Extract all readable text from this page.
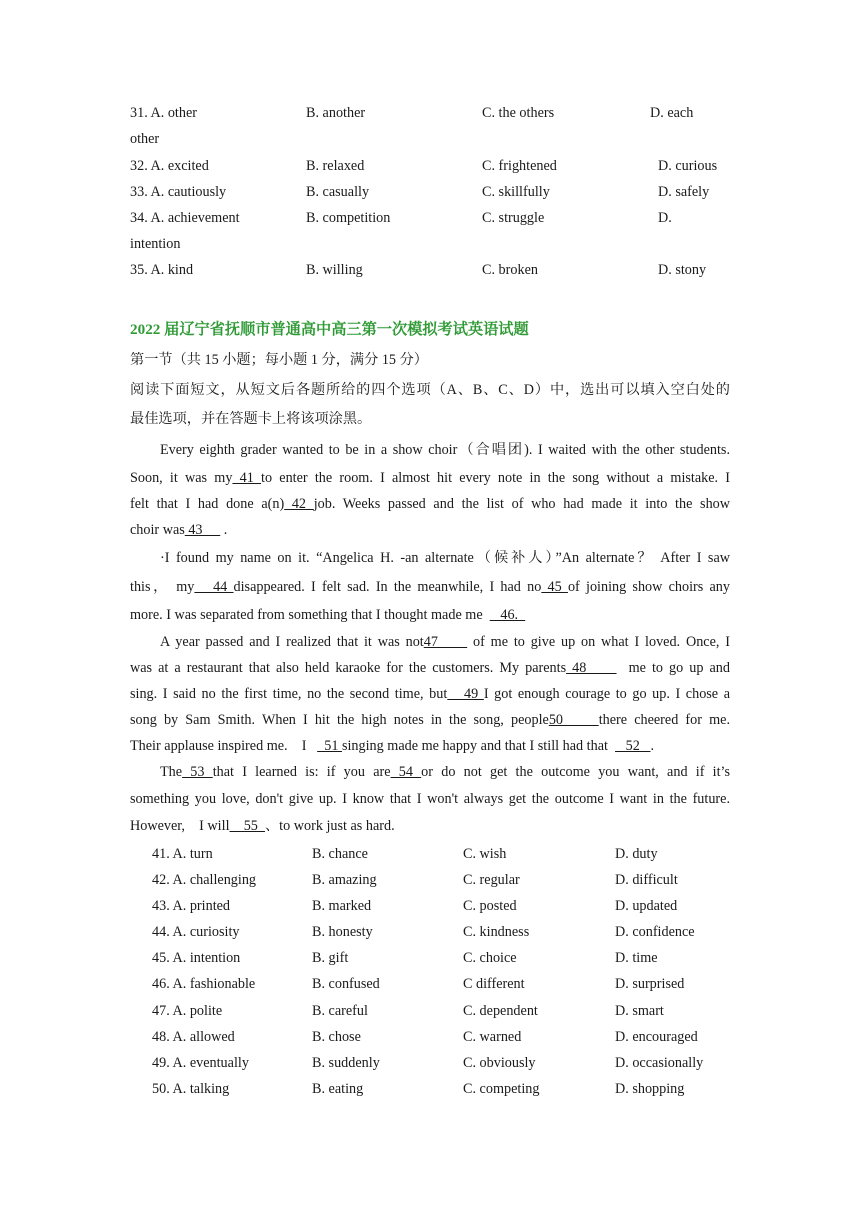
31. A. other	B. another	C. the others	D. each
other
32. A. excited	B. relaxed	C. frightened	D. curious
33. A. cautiously	B. casually	C. skillfully	D. safely
34. A. achievement	B. competition	C. struggle	D.
intention
35. A. kind	B. willing	C. broken	D. stony
2022 届辽宁省抚顺市普通高中高三第一次模拟考试英语试题
第一节（共 15 小题；每小题 1 分，满分 15 分）
阅读下面短文，从短文后各题所给的四个选项（A、B、C、D）中，选出可以填入空白处的
最佳选项，并在答题卡上将该项涂黑。
Every eighth grader wanted to be in a show choir（合唱团). I waited with the other students.
Soon, it was my 41 to enter the room. I almost hit every note in the song without a mistake. I
felt that I had done a(n) 42 job. Weeks passed and the list of who had made it into the show
choir was 43      .
·I found my name on it. “Angelica H. -an alternate（候补人）”An alternate？ After I saw
this， my   44 disappeared. I felt sad. In the meanwhile, I had no 45 of joining show choirs any
more. I was separated from something that I thought made me     46.
A year passed and I realized that it was not47      of me to give up on what I loved. Once, I
was at a restaurant that also held karaoke for the customers. My parents 48       me to go up and
sing. I said no the first time, no the second time, but   49 I got enough courage to go up. I chose a
song by Sam Smith. When I hit the high notes in the song, people50     there cheered for me.
Their applause inspired me.    I     51 singing made me happy and that I still had that     52   .
The 53 that I learned is: if you are 54 or do not get the outcome you want, and if it’s
something you love, don't give up. I know that I won't always get the outcome I want in the future.
However,    I will    55  、to work just as hard.
41. A. turn	B. chance	C. wish	D. duty
42. A. challenging	B. amazing	C. regular	D. difficult
43. A. printed	B. marked	C. posted	D. updated
44. A. curiosity	B. honesty	C. kindness	D. confidence
45. A. intention	B. gift	C. choice	D. time
46. A. fashionable	B. confused	C different	D. surprised
47. A. polite	B. careful	C. dependent	D. smart
48. A. allowed	B. chose	C. warned	D. encouraged
49. A. eventually	B. suddenly	C. obviously	D. occasionally
50. A. talking	B. eating	C. competing	D. shopping
